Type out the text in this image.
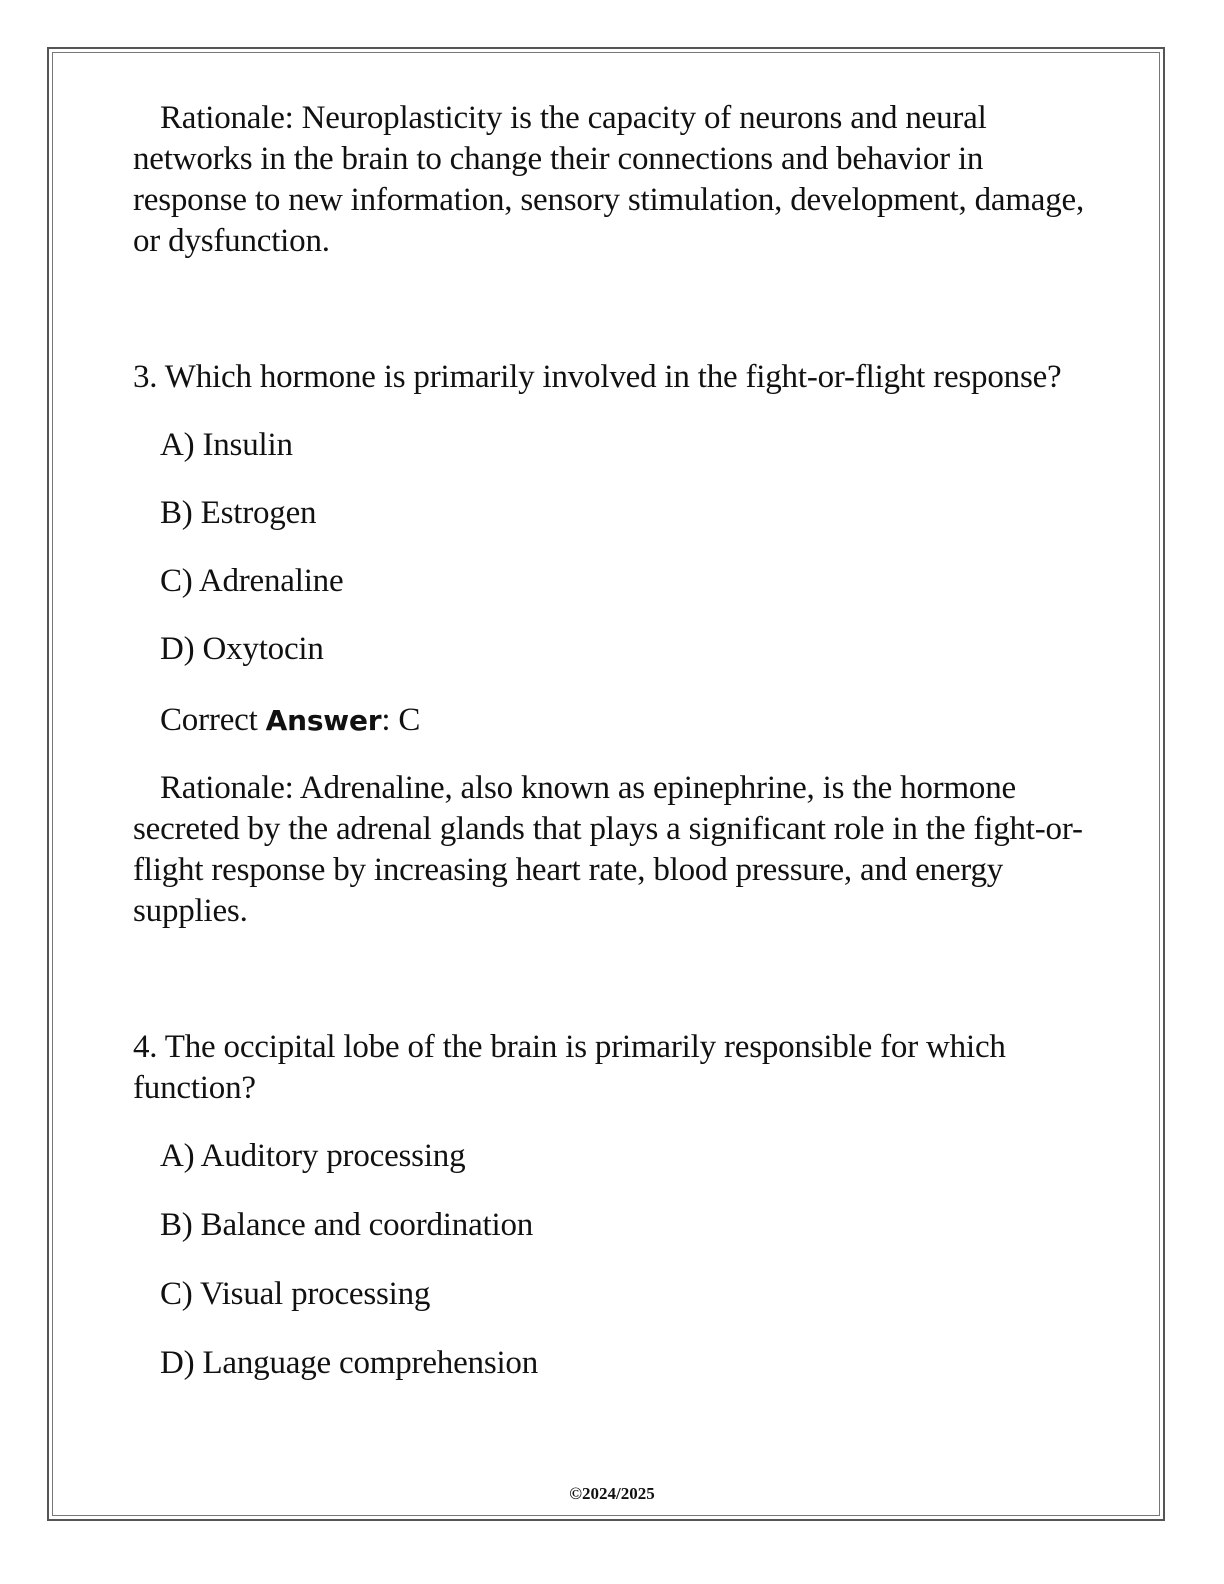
Rationale: Neuroplasticity is the capacity of neurons and neural networks in the brain to change their connections and behavior in response to new information, sensory stimulation, development, damage, or dysfunction.

3. Which hormone is primarily involved in the fight-or-flight response?

A) Insulin

B) Estrogen

C) Adrenaline

D) Oxytocin

Correct Answer: C

Rationale: Adrenaline, also known as epinephrine, is the hormone secreted by the adrenal glands that plays a significant role in the fight-or-flight response by increasing heart rate, blood pressure, and energy supplies.

4. The occipital lobe of the brain is primarily responsible for which function?

A) Auditory processing

B) Balance and coordination

C) Visual processing

D) Language comprehension

©2024/2025
